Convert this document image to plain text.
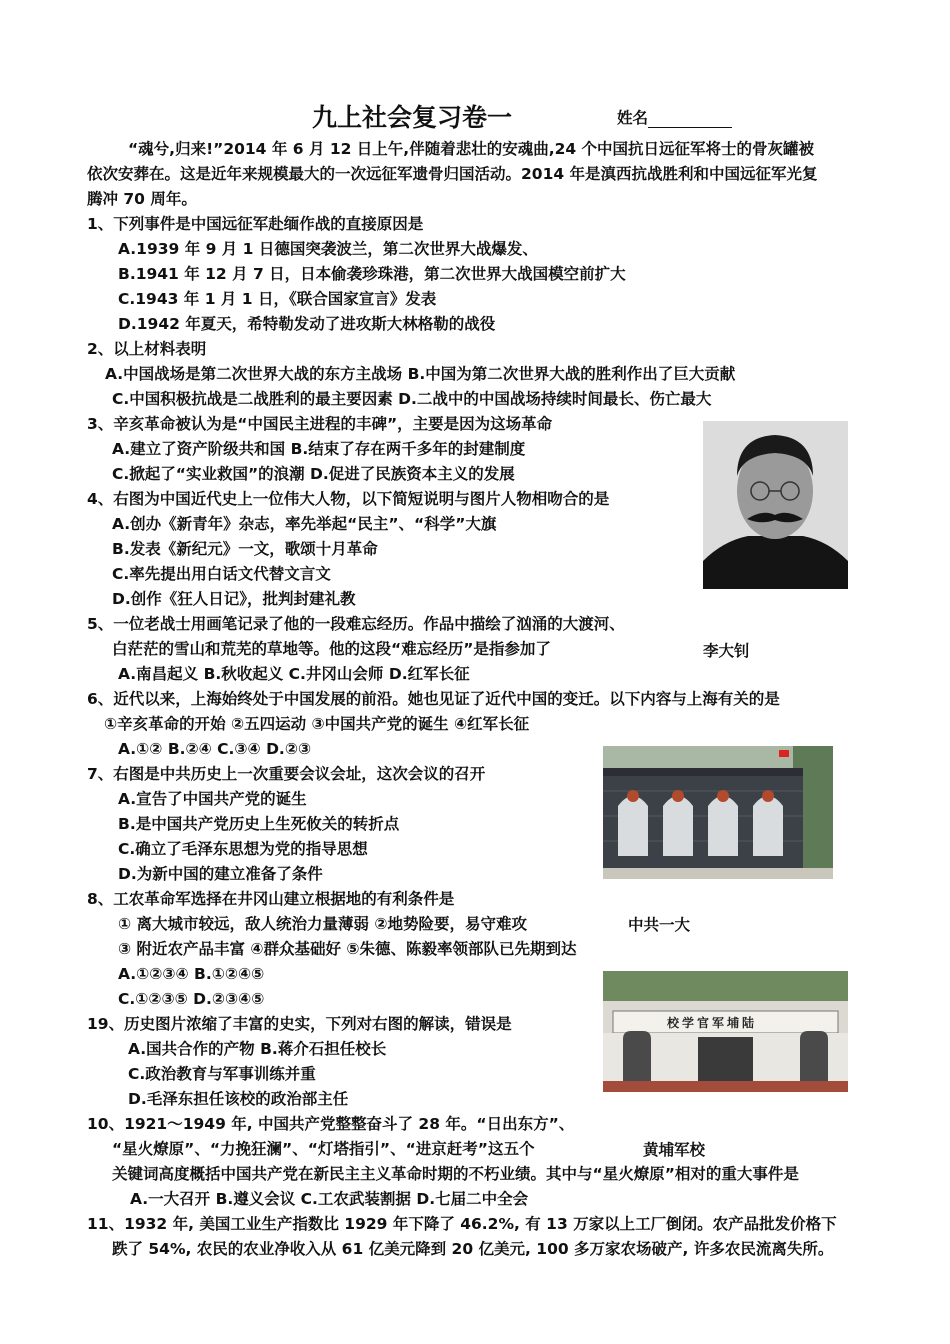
九上社会复习卷一	姓名
“魂兮,归来!”2014 年 6 月 12 日上午,伴随着悲壮的安魂曲,24 个中国抗日远征军将士的骨灰罐被
依次安葬在。这是近年来规模最大的一次远征军遗骨归国活动。2014 年是滇西抗战胜利和中国远征军光复
腾冲 70 周年。
1、下列事件是中国远征军赴缅作战的直接原因是
A.1939 年 9 月 1 日德国突袭波兰，第二次世界大战爆发、
B.1941 年 12 月 7 日，日本偷袭珍珠港，第二次世界大战国模空前扩大
C.1943 年 1 月 1 日，《联合国家宣言》发表
D.1942 年夏天，希特勒发动了进攻斯大林格勒的战役
2、以上材料表明
A.中国战场是第二次世界大战的东方主战场 B.中国为第二次世界大战的胜利作出了巨大贡献
C.中国积极抗战是二战胜利的最主要因素 D.二战中的中国战场持续时间最长、伤亡最大
3、辛亥革命被认为是“中国民主进程的丰碑”，主要是因为这场革命
A.建立了资产阶级共和国 B.结束了存在两千多年的封建制度
C.掀起了“实业救国”的浪潮 D.促进了民族资本主义的发展
4、右图为中国近代史上一位伟大人物，以下简短说明与图片人物相吻合的是
A.创办《新青年》杂志，率先举起“民主”、“科学”大旗
B.发表《新纪元》一文，歌颂十月革命
C.率先提出用白话文代替文言文
D.创作《狂人日记》，批判封建礼教
5、一位老战士用画笔记录了他的一段难忘经历。作品中描绘了汹涌的大渡河、
白茫茫的雪山和荒芜的草地等。他的这段“难忘经历”是指参加了
A.南昌起义 B.秋收起义 C.井冈山会师 D.红军长征
6、近代以来，上海始终处于中国发展的前沿。她也见证了近代中国的变迁。以下内容与上海有关的是
①辛亥革命的开始 ②五四运动 ③中国共产党的诞生 ④红军长征
A.①② B.②④ C.③④ D.②③
7、右图是中共历史上一次重要会议会址，这次会议的召开
A.宣告了中国共产党的诞生
B.是中国共产党历史上生死攸关的转折点
C.确立了毛泽东思想为党的指导思想
D.为新中国的建立准备了条件
8、工农革命军选择在井冈山建立根据地的有利条件是
① 离大城市较远，敌人统治力量薄弱 ②地势险要，易守难攻
③ 附近农产品丰富 ④群众基础好 ⑤朱德、陈毅率领部队已先期到达
A.①②③④ B.①②④⑤
C.①②③⑤ D.②③④⑤
19、历史图片浓缩了丰富的史实，下列对右图的解读，错误是
A.国共合作的产物 B.蒋介石担任校长
C.政治教育与军事训练并重
D.毛泽东担任该校的政治部主任
10、1921～1949 年, 中国共产党整整奋斗了 28 年。“日出东方”、
“星火燎原”、“力挽狂澜”、“灯塔指引”、“进京赶考”这五个
关键词高度概括中国共产党在新民主主义革命时期的不朽业绩。其中与“星火燎原”相对的重大事件是
A.一大召开 B.遵义会议 C.工农武装割据 D.七届二中全会
11、1932 年, 美国工业生产指数比 1929 年下降了 46.2%, 有 13 万家以上工厂倒闭。农产品批发价格下
跌了 54%, 农民的农业净收入从 61 亿美元降到 20 亿美元, 100 多万家农场破产, 许多农民流离失所。
李大钊
中共一大
校学官军埔陆
黄埔军校
